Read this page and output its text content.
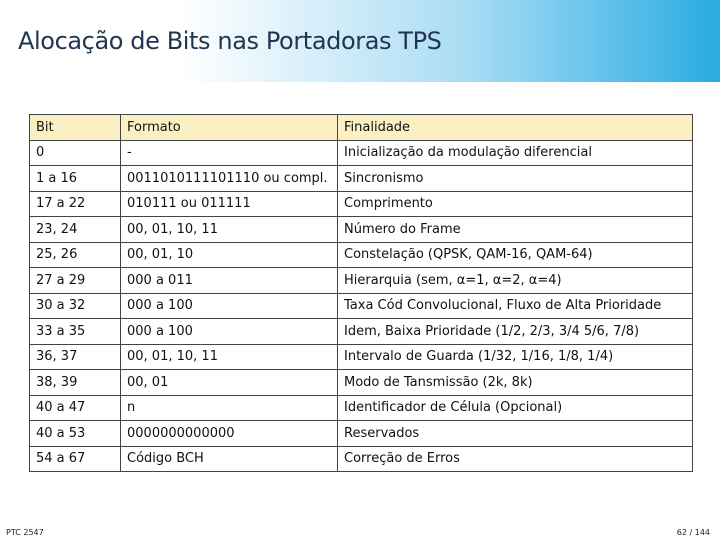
Alocação de Bits nas Portadoras TPS
Bit	Formato	Finalidade
0	-	Inicialização da modulação diferencial
1 a 16	0011010111101110 ou compl.	Sincronismo
17 a 22	010111 ou 011111	Comprimento
23, 24	00, 01, 10, 11	Número do Frame
25, 26	00, 01, 10	Constelação (QPSK, QAM-16, QAM-64)
27 a 29	000 a 011	Hierarquia (sem, α=1, α=2, α=4)
30 a 32	000 a 100	Taxa Cód Convolucional, Fluxo de Alta Prioridade
33 a 35	000 a 100	Idem, Baixa Prioridade (1/2, 2/3, 3/4 5/6, 7/8)
36, 37	00, 01, 10, 11	Intervalo de Guarda (1/32, 1/16, 1/8, 1/4)
38, 39	00, 01	Modo de Tansmissão (2k, 8k)
40 a 47	n	Identificador de Célula (Opcional)
40 a 53	0000000000000	Reservados
54 a 67	Código BCH	Correção de Erros
PTC 2547	62 / 144
